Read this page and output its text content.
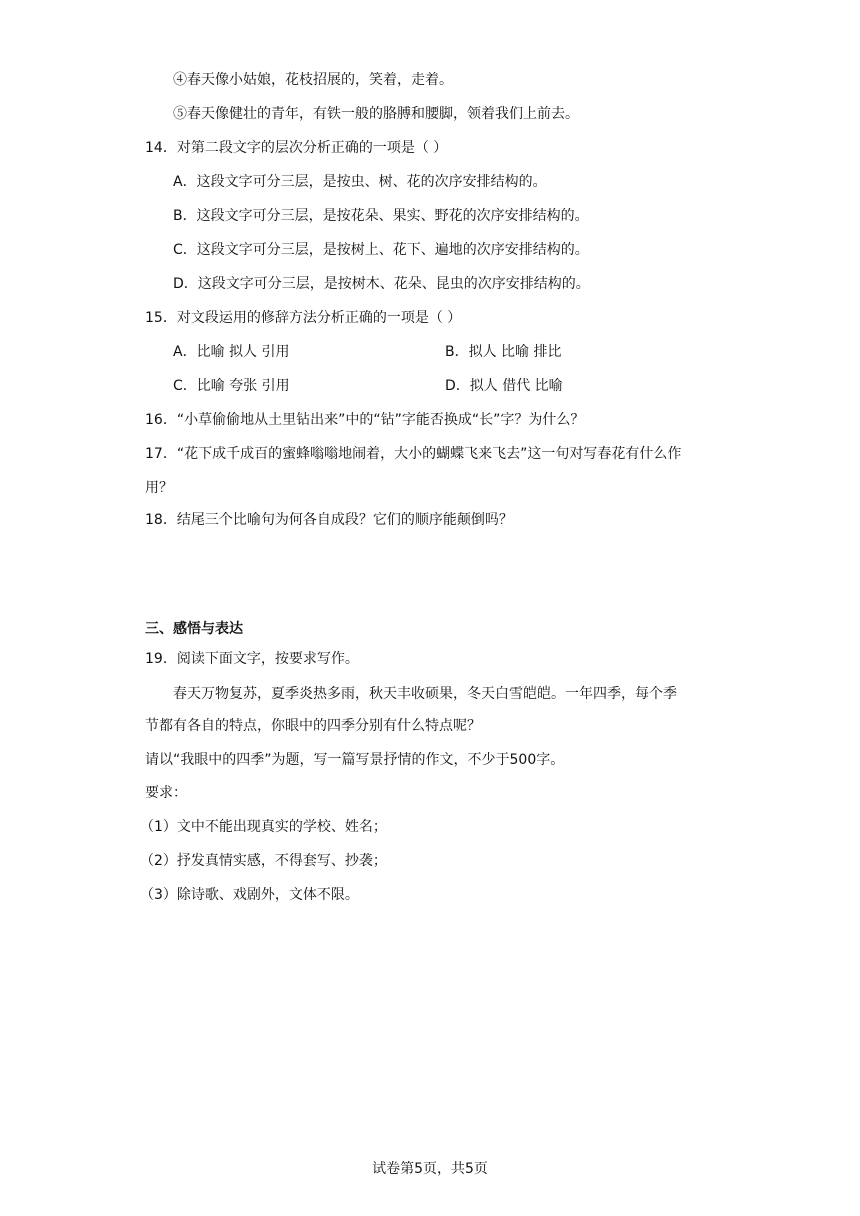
④春天像小姑娘，花枝招展的，笑着，走着。
⑤春天像健壮的青年，有铁一般的胳膊和腰脚，领着我们上前去。
14．对第二段文字的层次分析正确的一项是（ ）
A．这段文字可分三层，是按虫、树、花的次序安排结构的。
B．这段文字可分三层，是按花朵、果实、野花的次序安排结构的。
C．这段文字可分三层，是按树上、花下、遍地的次序安排结构的。
D．这段文字可分三层，是按树木、花朵、昆虫的次序安排结构的。
15．对文段运用的修辞方法分析正确的一项是（ ）
A．比喻 拟人 引用	B．拟人 比喻 排比
C．比喻 夸张 引用	D．拟人 借代 比喻
16．“小草偷偷地从土里钻出来”中的“钻”字能否换成“长”字？为什么？
17．“花下成千成百的蜜蜂嗡嗡地闹着，大小的蝴蝶飞来飞去”这一句对写春花有什么作
用？
18．结尾三个比喻句为何各自成段？它们的顺序能颠倒吗？
三、感悟与表达
19．阅读下面文字，按要求写作。
春天万物复苏，夏季炎热多雨，秋天丰收硕果，冬天白雪皑皑。一年四季，每个季
节都有各自的特点，你眼中的四季分别有什么特点呢？
请以“我眼中的四季”为题，写一篇写景抒情的作文，不少于500字。
要求：
（1）文中不能出现真实的学校、姓名；
（2）抒发真情实感，不得套写、抄袭；
（3）除诗歌、戏剧外，文体不限。
试卷第5页，共5页
